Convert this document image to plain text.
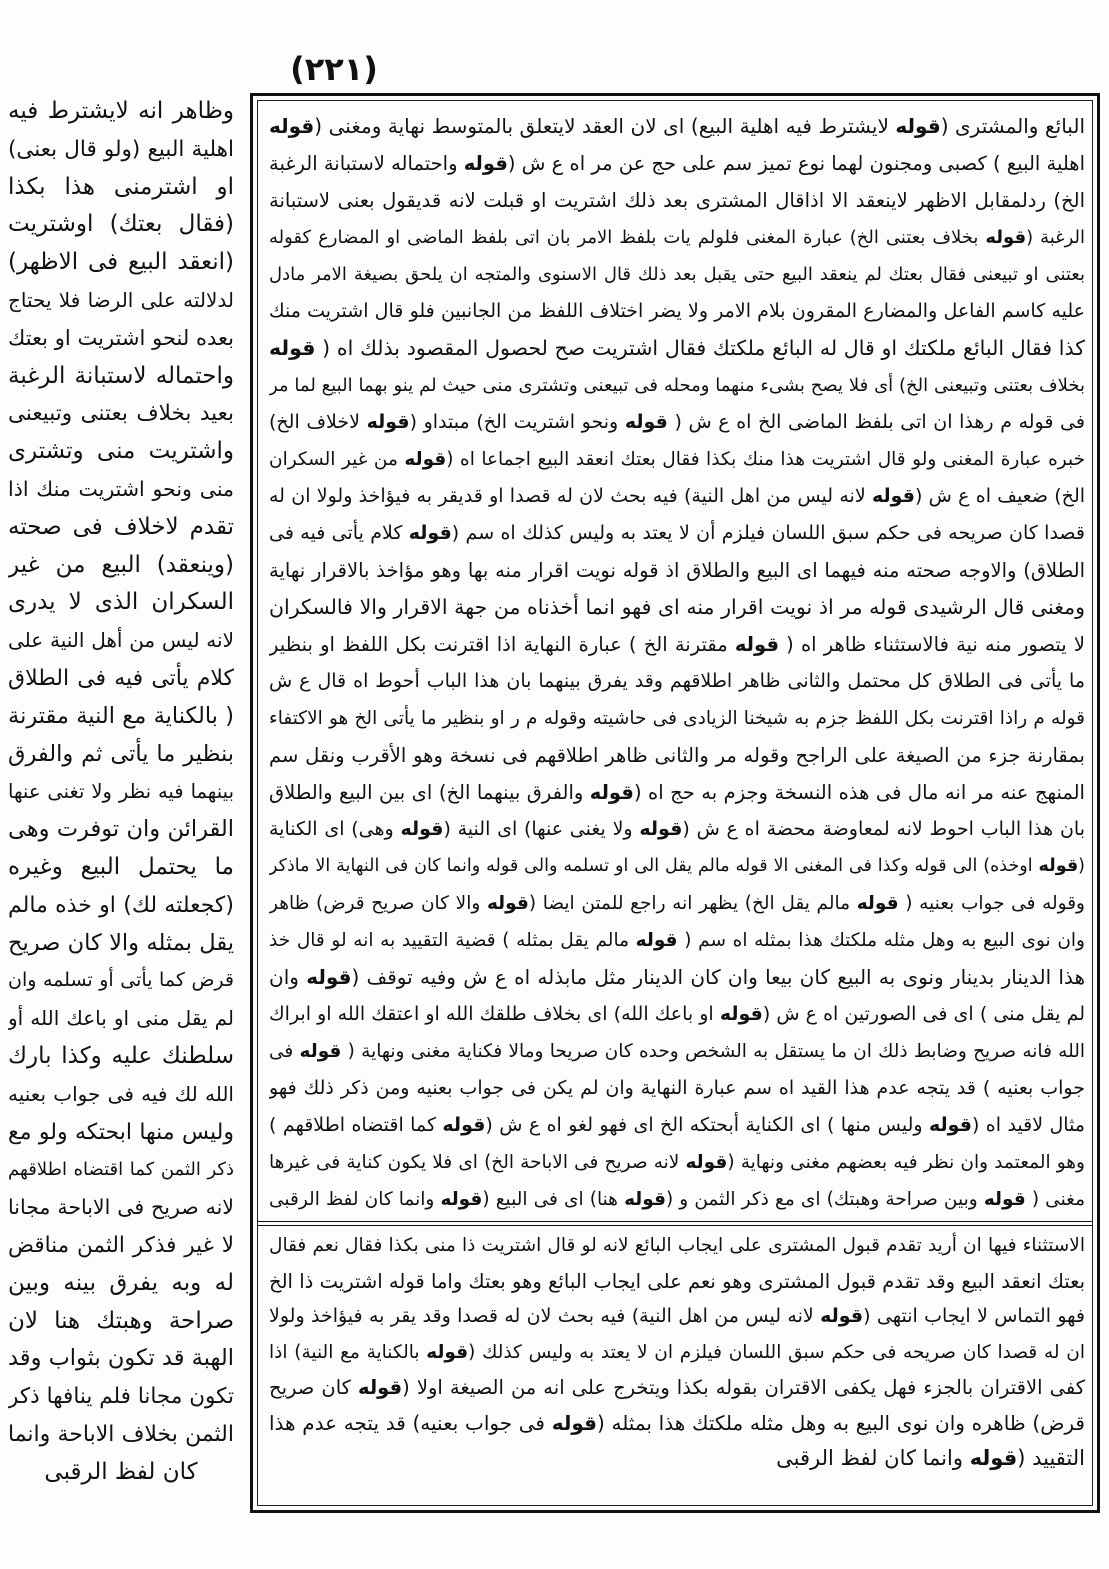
(۲۲۱)
وظاهر انه لايشترط فيه
اهلية البيع (ولو قال بعنى)
او اشترمنى هذا بكذا
(فقال بعتك) اوشتريت
(انعقد البيع فى الاظهر)
لدلالته على الرضا فلا يحتاج
بعده لنحو اشتريت او بعتك
واحتماله لاستبانة الرغبة
بعيد بخلاف بعتنى وتبيعنى
واشتريت منى وتشترى
منى ونحو اشتريت منك اذا
تقدم لاخلاف فى صحته
(وينعقد) البيع من غير
السكران الذى لا يدرى
لانه ليس من أهل النية على
كلام يأتى فيه فى الطلاق
( بالكناية مع النية مقترنة
بنظير ما يأتى ثم والفرق
بينهما فيه نظر ولا تغنى عنها
القرائن وان توفرت وهى
ما يحتمل البيع وغيره
(كجعلته لك) او خذه مالم
يقل بمثله والا كان صريح
قرض كما يأتى أو تسلمه وان
لم يقل منى او باعك الله أو
سلطنك عليه وكذا بارك
الله لك فيه فى جواب بعنيه
وليس منها ابحتكه ولو مع
ذكر الثمن كما اقتضاه اطلاقهم
لانه صريح فى الاباحة مجانا
لا غير فذكر الثمن مناقض
له وبه يفرق بينه وبين
صراحة وهبتك هنا لان
الهبة قد تكون بثواب وقد
تكون مجانا فلم ينافها ذكر
الثمن بخلاف الاباحة وانما
كان لفظ الرقبى
البائع والمشترى (قوله لايشترط فيه اهلية البيع) اى لان العقد لايتعلق بالمتوسط نهاية ومغنى (قوله
اهلية البيع ) كصبى ومجنون لهما نوع تميز سم على حج عن مر اه ع ش (قوله واحتماله لاستبانة الرغبة
الخ) ردلمقابل الاظهر لاينعقد الا اذاقال المشترى بعد ذلك اشتريت او قبلت لانه قديقول بعنى لاستبانة
الرغبة (قوله بخلاف بعتنى الخ) عبارة المغنى فلولم يات بلفظ الامر بان اتى بلفظ الماضى او المضارع كقوله
بعتنى او تبيعنى فقال بعتك لم ينعقد البيع حتى يقبل بعد ذلك قال الاسنوى والمتجه ان يلحق بصيغة الامر مادل
عليه كاسم الفاعل والمضارع المقرون بلام الامر ولا يضر اختلاف اللفظ من الجانبين فلو قال اشتريت منك
كذا فقال البائع ملكتك او قال له البائع ملكتك فقال اشتريت صح لحصول المقصود بذلك اه ( قوله
بخلاف بعتنى وتبيعنى الخ) أى فلا يصح بشىء منهما ومحله فى تبيعنى وتشترى منى حيث لم ينو بهما البيع لما مر
فى قوله م رهذا ان اتى بلفظ الماضى الخ اه ع ش ( قوله ونحو اشتريت الخ) مبتداو (قوله لاخلاف الخ)
خبره عبارة المغنى ولو قال اشتريت هذا منك بكذا فقال بعتك انعقد البيع اجماعا اه (قوله من غير السكران
الخ) ضعيف اه ع ش (قوله لانه ليس من اهل النية) فيه بحث لان له قصدا او قديقر به فيؤاخذ ولولا ان له
قصدا كان صريحه فى حكم سبق اللسان فيلزم أن لا يعتد به وليس كذلك اه سم (قوله كلام يأتى فيه فى
الطلاق) والاوجه صحته منه فيهما اى البيع والطلاق اذ قوله نويت اقرار منه بها وهو مؤاخذ بالاقرار نهاية
ومغنى قال الرشيدى قوله مر اذ نويت اقرار منه اى فهو انما أخذناه من جهة الاقرار والا فالسكران
لا يتصور منه نية فالاستثناء ظاهر اه ( قوله مقترنة الخ ) عبارة النهاية اذا اقترنت بكل اللفظ او بنظير
ما يأتى فى الطلاق كل محتمل والثانى ظاهر اطلاقهم وقد يفرق بينهما بان هذا الباب أحوط اه قال ع ش
قوله م راذا اقترنت بكل اللفظ جزم به شيخنا الزيادى فى حاشيته وقوله م ر او بنظير ما يأتى الخ هو الاكتفاء
بمقارنة جزء من الصيغة على الراجح وقوله مر والثانى ظاهر اطلاقهم فى نسخة وهو الأقرب ونقل سم
المنهج عنه مر انه مال فى هذه النسخة وجزم به حج اه (قوله والفرق بينهما الخ) اى بين البيع والطلاق
بان هذا الباب احوط لانه لمعاوضة محضة اه ع ش (قوله ولا يغنى عنها) اى النية (قوله وهى) اى الكناية
(قوله اوخذه) الى قوله وكذا فى المغنى الا قوله مالم يقل الى او تسلمه والى قوله وانما كان فى النهاية الا ماذكر
وقوله فى جواب بعنيه ( قوله مالم يقل الخ) يظهر انه راجع للمتن ايضا (قوله والا كان صريح قرض) ظاهر
وان نوى البيع به وهل مثله ملكتك هذا بمثله اه سم ( قوله مالم يقل بمثله ) قضية التقييد به انه لو قال خذ
هذا الدينار بدينار ونوى به البيع كان بيعا وان كان الدينار مثل مابذله اه ع ش وفيه توقف (قوله وان
لم يقل منى ) اى فى الصورتين اه ع ش (قوله او باعك الله) اى بخلاف طلقك الله او اعتقك الله او ابراك
الله فانه صريح وضابط ذلك ان ما يستقل به الشخص وحده كان صريحا ومالا فكناية مغنى ونهاية ( قوله فى
جواب بعنيه ) قد يتجه عدم هذا القيد اه سم عبارة النهاية وان لم يكن فى جواب بعنيه ومن ذكر ذلك فهو
مثال لاقيد اه (قوله وليس منها ) اى الكناية أبحتكه الخ اى فهو لغو اه ع ش (قوله كما اقتضاه اطلاقهم )
وهو المعتمد وان نظر فيه بعضهم مغنى ونهاية (قوله لانه صريح فى الاباحة الخ) اى فلا يكون كناية فى غيرها
مغنى ( قوله وبين صراحة وهبتك) اى مع ذكر الثمن و (قوله هنا) اى فى البيع (قوله وانما كان لفظ الرقبى
الاستثناء فيها ان أريد تقدم قبول المشترى على ايجاب البائع لانه لو قال اشتريت ذا منى بكذا فقال نعم فقال
بعتك انعقد البيع وقد تقدم قبول المشترى وهو نعم على ايجاب البائع وهو بعتك واما قوله اشتريت ذا الخ
فهو التماس لا ايجاب انتهى (قوله لانه ليس من اهل النية) فيه بحث لان له قصدا وقد يقر به فيؤاخذ ولولا
ان له قصدا كان صريحه فى حكم سبق اللسان فيلزم ان لا يعتد به وليس كذلك (قوله بالكناية مع النية) اذا
كفى الاقتران بالجزء فهل يكفى الاقتران بقوله بكذا ويتخرج على انه من الصيغة اولا (قوله كان صريح
قرض) ظاهره وان نوى البيع به وهل مثله ملكتك هذا بمثله (قوله فى جواب بعنيه) قد يتجه عدم هذا
التقييد (قوله وانما كان لفظ الرقبى
